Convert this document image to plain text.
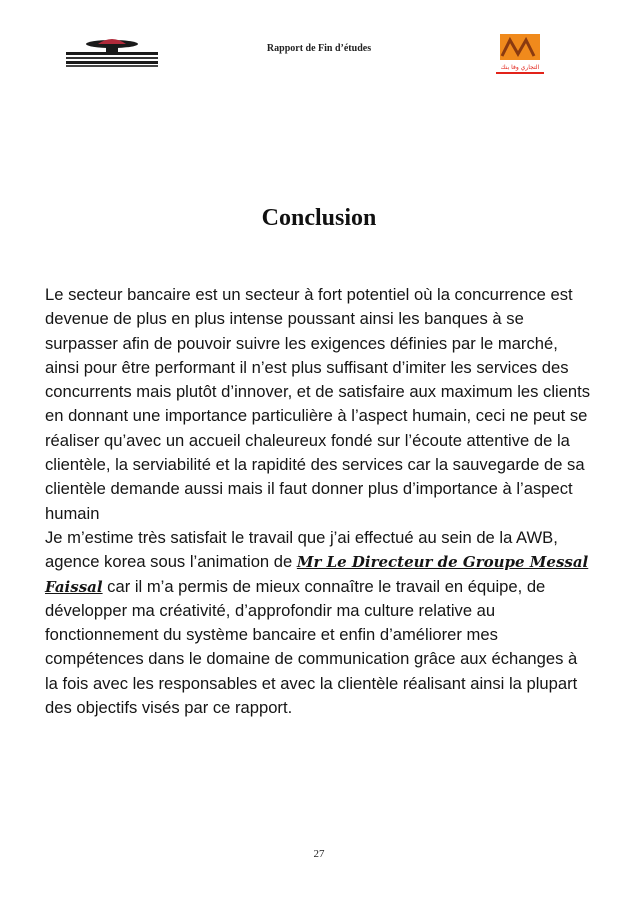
Rapport de Fin d’études
التجاري وفا بنك
Conclusion

Le secteur bancaire est un secteur à fort potentiel où la concurrence est devenue de plus en plus intense poussant ainsi les banques à se surpasser afin de pouvoir suivre les exigences définies par le marché, ainsi pour être performant il n’est plus suffisant d’imiter les services des concurrents mais plutôt d’innover, et de satisfaire aux maximum les clients en donnant une importance particulière à l’aspect humain, ceci ne peut se réaliser qu’avec un accueil chaleureux fondé sur l’écoute attentive de la clientèle, la serviabilité et la rapidité des services car la sauvegarde de sa clientèle demande aussi mais il faut donner plus d’importance à l’aspect humain

Je m’estime très satisfait le travail que j’ai effectué au sein de la AWB, agence korea sous l’animation de Mr Le Directeur de Groupe Messal Faissal car il m’a permis de mieux connaître le travail en équipe, de développer ma créativité, d’approfondir ma culture relative au fonctionnement du système bancaire et enfin d’améliorer mes compétences dans le domaine de communication grâce aux échanges à la fois avec les responsables et avec la clientèle réalisant ainsi la plupart des objectifs visés par ce rapport.

27
